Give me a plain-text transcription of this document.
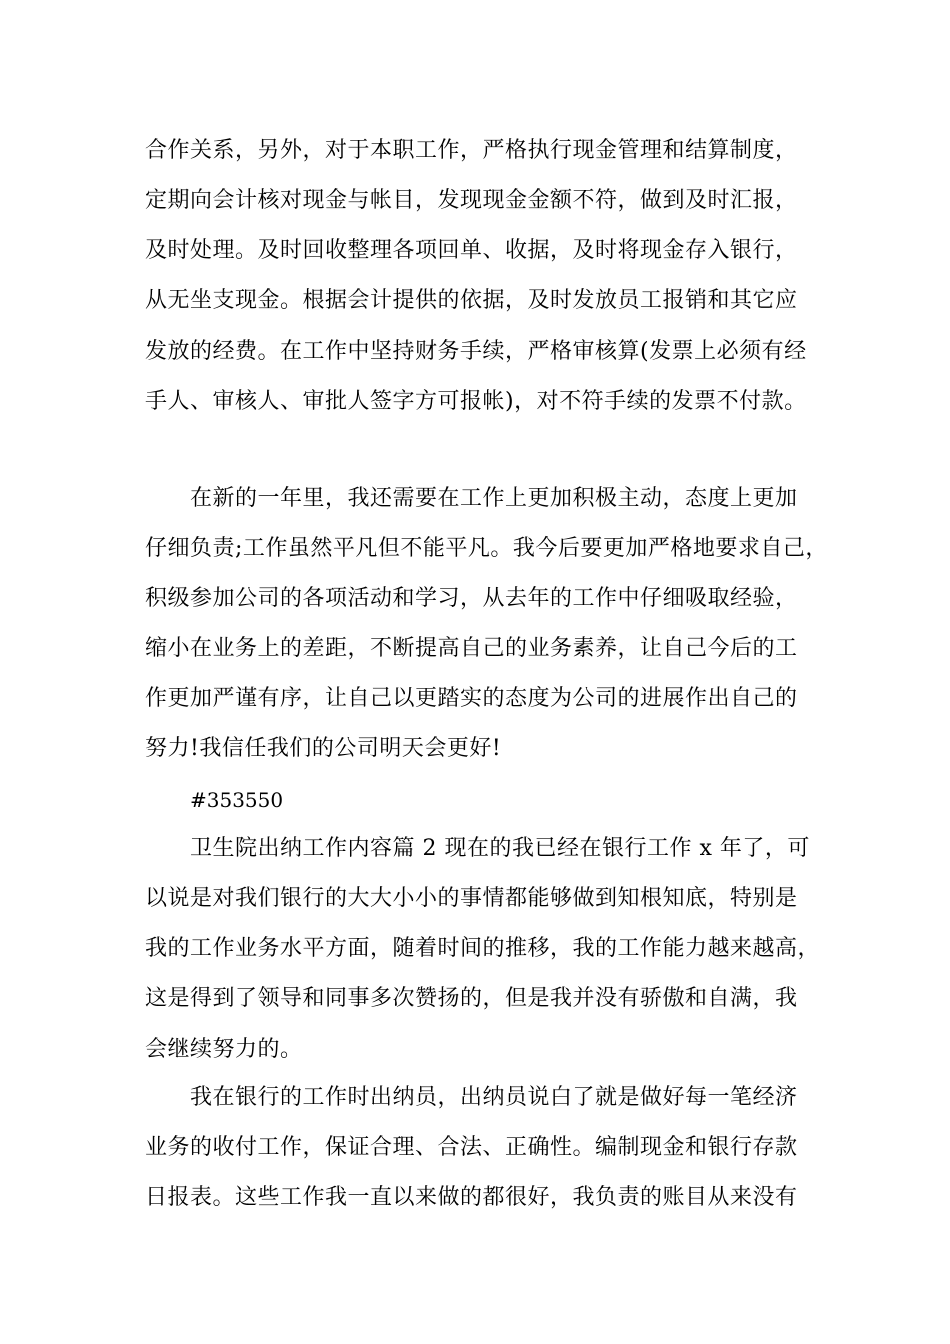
合作关系，另外，对于本职工作，严格执行现金管理和结算制度，
定期向会计核对现金与帐目，发现现金金额不符，做到及时汇报，
及时处理。及时回收整理各项回单、收据，及时将现金存入银行，
从无坐支现金。根据会计提供的依据，及时发放员工报销和其它应
发放的经费。在工作中坚持财务手续，严格审核算(发票上必须有经
手人、审核人、审批人签字方可报帐)，对不符手续的发票不付款。
在新的一年里，我还需要在工作上更加积极主动，态度上更加
仔细负责;工作虽然平凡但不能平凡。我今后要更加严格地要求自己，
积级参加公司的各项活动和学习，从去年的工作中仔细吸取经验，
缩小在业务上的差距，不断提高自己的业务素养，让自己今后的工
作更加严谨有序，让自己以更踏实的态度为公司的进展作出自己的
努力!我信任我们的公司明天会更好!
#353550
卫生院出纳工作内容篇 2 现在的我已经在银行工作 x 年了，可
以说是对我们银行的大大小小的事情都能够做到知根知底，特别是
我的工作业务水平方面，随着时间的推移，我的工作能力越来越高，
这是得到了领导和同事多次赞扬的，但是我并没有骄傲和自满，我
会继续努力的。
我在银行的工作时出纳员，出纳员说白了就是做好每一笔经济
业务的收付工作，保证合理、合法、正确性。编制现金和银行存款
日报表。这些工作我一直以来做的都很好，我负责的账目从来没有
